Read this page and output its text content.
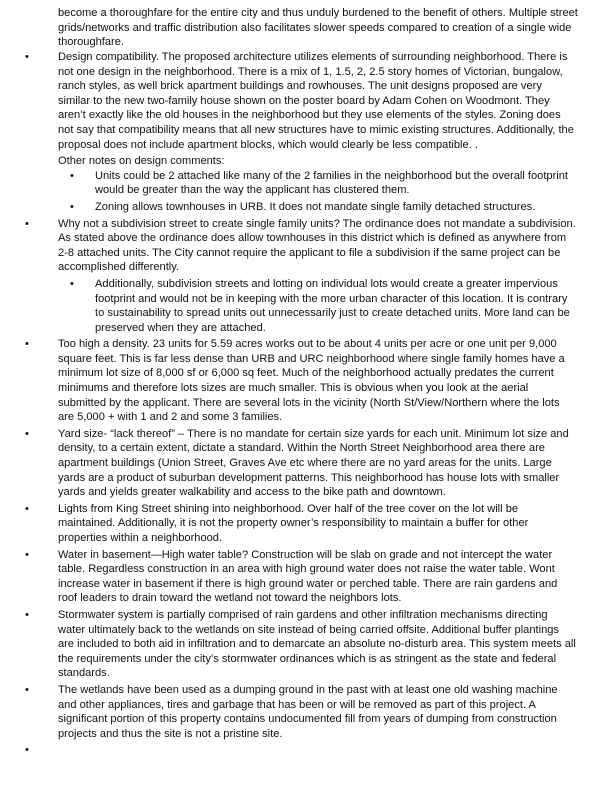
become a thoroughfare for the entire city and thus unduly burdened to the benefit of others. Multiple street grids/networks and traffic distribution also facilitates slower speeds compared to creation of a single wide thoroughfare.

•	Design compatibility. The proposed architecture utilizes elements of surrounding neighborhood. There is not one design in the neighborhood. There is a mix of 1, 1.5, 2, 2.5 story homes of Victorian, bungalow, ranch styles, as well brick apartment buildings and rowhouses. The unit designs proposed are very similar to the new two-family house shown on the poster board by Adam Cohen on Woodmont. They aren’t exactly like the old houses in the neighborhood but they use elements of the styles. Zoning does not say that compatibility means that all new structures have to mimic existing structures. Additionally, the proposal does not include apartment blocks, which would clearly be less compatible. .

Other notes on design comments:
• Units could be 2 attached like many of the 2 families in the neighborhood but the overall footprint would be greater than the way the applicant has clustered them.

• Zoning allows townhouses in URB. It does not mandate single family detached structures.

•	Why not a subdivision street to create single family units? The ordinance does not mandate a subdivision. As stated above the ordinance does allow townhouses in this district which is defined as anywhere from 2-8 attached units. The City cannot require the applicant to file a subdivision if the same project can be accomplished differently.

• Additionally, subdivision streets and lotting on individual lots would create a greater impervious footprint and would not be in keeping with the more urban character of this location. It is contrary to sustainability to spread units out unnecessarily just to create detached units. More land can be preserved when they are attached.

•	Too high a density. 23 units for 5.59 acres works out to be about 4 units per acre or one unit per 9,000 square feet. This is far less dense than URB and URC neighborhood where single family homes have a minimum lot size of 8,000 sf or 6,000 sq feet. Much of the neighborhood actually predates the current minimums and therefore lots sizes are much smaller. This is obvious when you look at the aerial submitted by the applicant. There are several lots in the vicinity (North St/View/Northern where the lots are 5,000 + with 1 and 2 and some 3 families.

•	Yard size- “lack thereof” – There is no mandate for certain size yards for each unit. Minimum lot size and density, to a certain extent, dictate a standard. Within the North Street Neighborhood area there are apartment buildings (Union Street, Graves Ave etc where there are no yard areas for the units. Large yards are a product of suburban development patterns. This neighborhood has house lots with smaller yards and yields greater walkability and access to the bike path and downtown.

•	Lights from King Street shining into neighborhood. Over half of the tree cover on the lot will be maintained. Additionally, it is not the property owner’s responsibility to maintain a buffer for other properties within a neighborhood.

•	Water in basement—High water table? Construction will be slab on grade and not intercept the water table. Regardless construction in an area with high ground water does not raise the water table. Wont increase water in basement if there is high ground water or perched table. There are rain gardens and roof leaders to drain toward the wetland not toward the neighbors lots.

•	Stormwater system is partially comprised of rain gardens and other infiltration mechanisms directing water ultimately back to the wetlands on site instead of being carried offsite. Additional buffer plantings are included to both aid in infiltration and to demarcate an absolute no-disturb area. This system meets all the requirements under the city’s stormwater ordinances which is as stringent as the state and federal standards.

•	The wetlands have been used as a dumping ground in the past with at least one old washing machine and other appliances, tires and garbage that has been or will be removed as part of this project. A significant portion of this property contains undocumented fill from years of dumping from construction projects and thus the site is not a pristine site.

•
